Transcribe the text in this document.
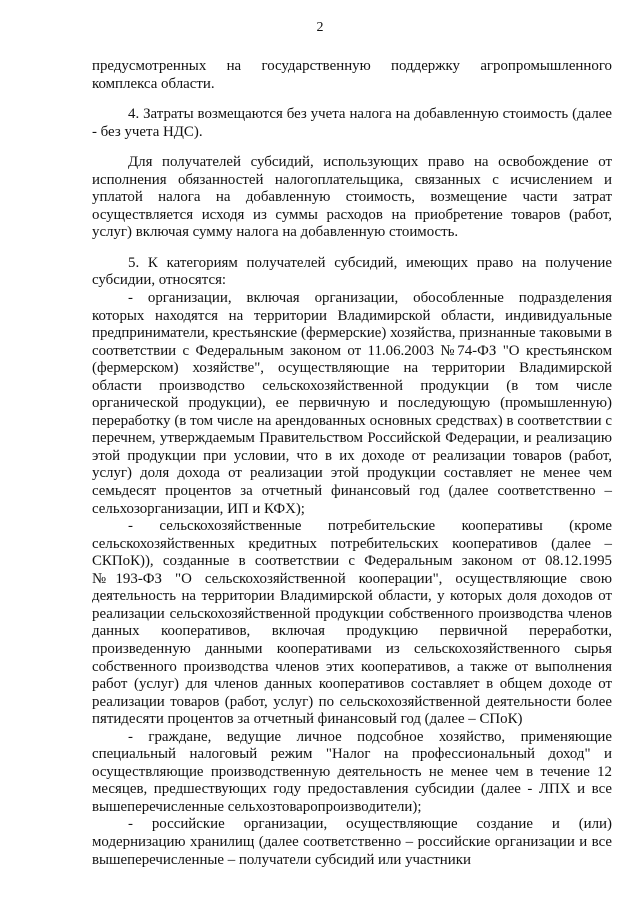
2

предусмотренных на государственную поддержку агропромышленного комплекса области.

4. Затраты возмещаются без учета налога на добавленную стоимость (далее - без учета НДС).

Для получателей субсидий, использующих право на освобождение от исполнения обязанностей налогоплательщика, связанных с исчислением и уплатой налога на добавленную стоимость, возмещение части затрат осуществляется исходя из суммы расходов на приобретение товаров (работ, услуг) включая сумму налога на добавленную стоимость.

5. К категориям получателей субсидий, имеющих право на получение субсидии, относятся:

- организации, включая организации, обособленные подразделения которых находятся на территории Владимирской области, индивидуальные предприниматели, крестьянские (фермерские) хозяйства, признанные таковыми в соответствии с Федеральным законом от 11.06.2003 №74-ФЗ "О крестьянском (фермерском) хозяйстве", осуществляющие на территории Владимирской области производство сельскохозяйственной продукции (в том числе органической продукции), ее первичную и последующую (промышленную) переработку (в том числе на арендованных основных средствах) в соответствии с перечнем, утверждаемым Правительством Российской Федерации, и реализацию этой продукции при условии, что в их доходе от реализации товаров (работ, услуг) доля дохода от реализации этой продукции составляет не менее чем семьдесят процентов за отчетный финансовый год (далее соответственно – сельхозорганизации, ИП и КФХ);

- сельскохозяйственные потребительские кооперативы (кроме сельскохозяйственных кредитных потребительских кооперативов (далее – СКПоК)), созданные в соответствии с Федеральным законом от 08.12.1995 №193-ФЗ "О сельскохозяйственной кооперации", осуществляющие свою деятельность на территории Владимирской области, у которых доля доходов от реализации сельскохозяйственной продукции собственного производства членов данных кооперативов, включая продукцию первичной переработки, произведенную данными кооперативами из сельскохозяйственного сырья собственного производства членов этих кооперативов, а также от выполнения работ (услуг) для членов данных кооперативов составляет в общем доходе от реализации товаров (работ, услуг) по сельскохозяйственной деятельности более пятидесяти процентов за отчетный финансовый год (далее – СПоК)

- граждане, ведущие личное подсобное хозяйство, применяющие специальный налоговый режим "Налог на профессиональный доход" и осуществляющие производственную деятельность не менее чем в течение 12 месяцев, предшествующих году предоставления субсидии (далее - ЛПХ и все вышеперечисленные сельхозтоваропроизводители);

- российские организации, осуществляющие создание и (или) модернизацию хранилищ (далее соответственно – российские организации и все вышеперечисленные – получатели субсидий или участники
